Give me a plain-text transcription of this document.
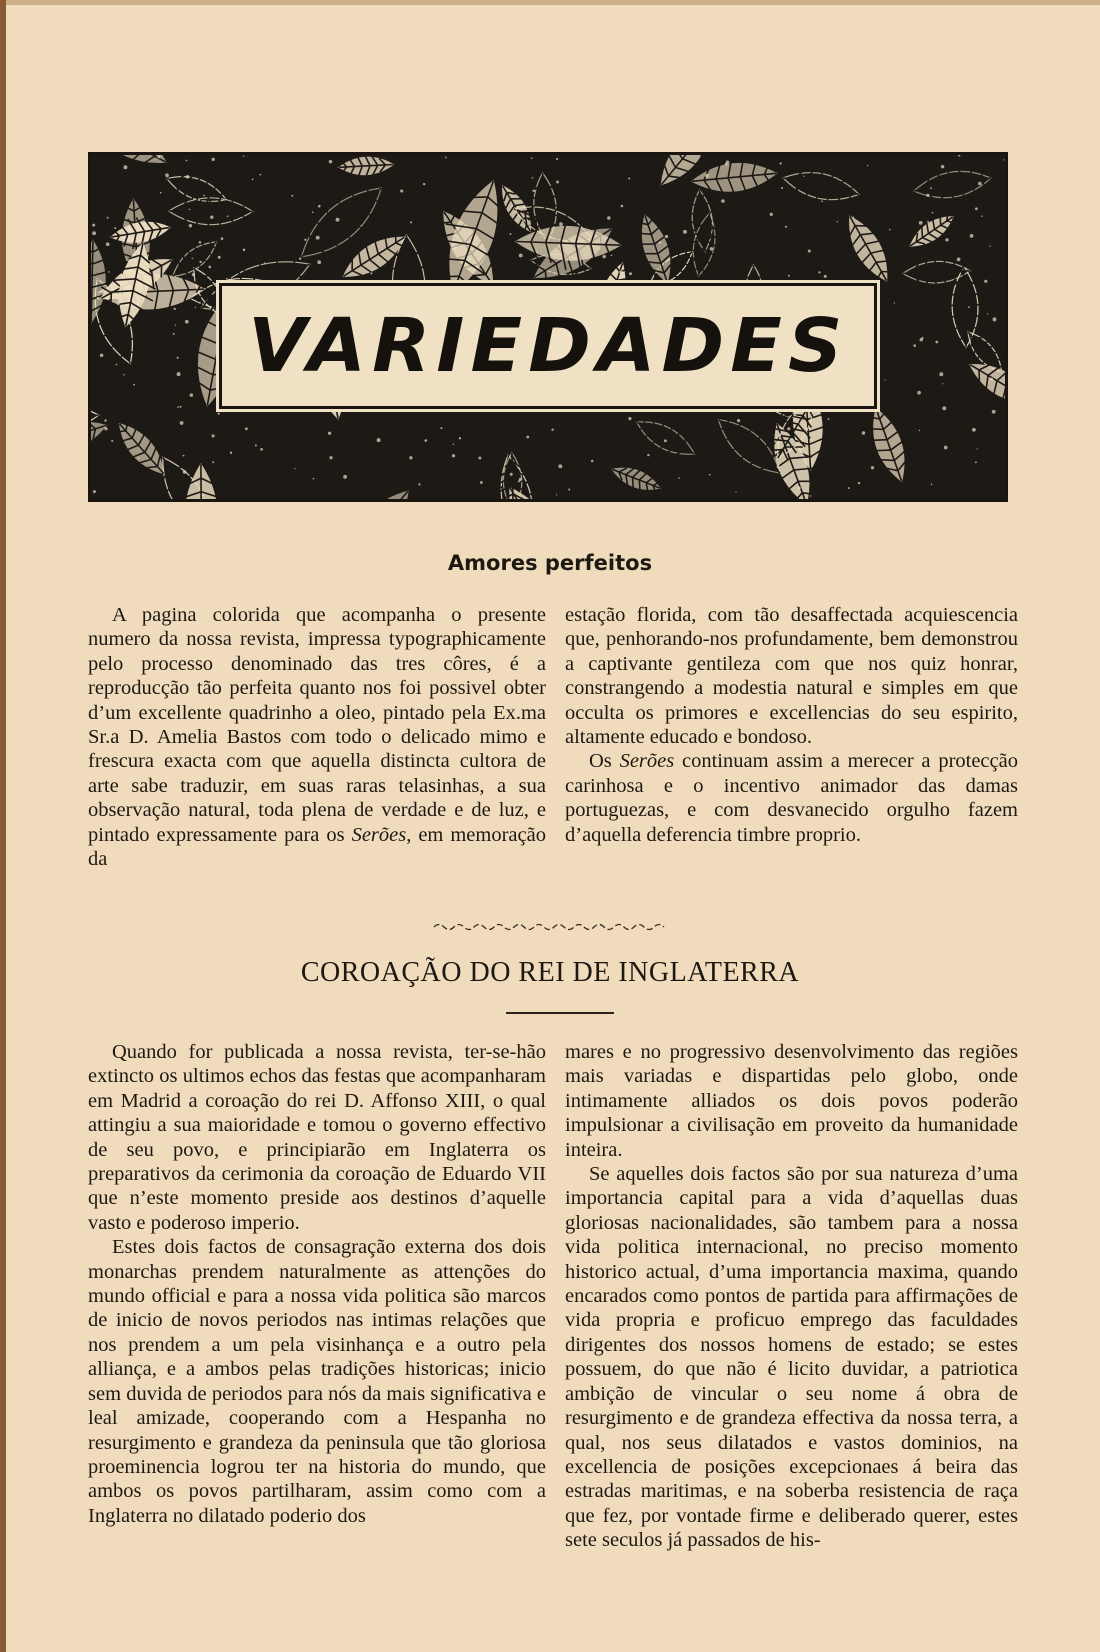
VARIEDADES
Amores perfeitos

A pagina colorida que acompanha o presente numero da nossa revista, impressa typographicamente pelo processo denominado das tres côres, é a reproducção tão perfeita quanto nos foi possivel obter d’um excellente quadrinho a oleo, pintado pela Ex.ma Sr.a D. Amelia Bastos com todo o delicado mimo e frescura exacta com que aquella distincta cultora de arte sabe traduzir, em suas raras telasinhas, a sua observação natural, toda plena de verdade e de luz, e pintado expressamente para os Serões, em memoração da

estação florida, com tão desaffectada acquiescencia que, penhorando-nos profundamente, bem demonstrou a captivante gentileza com que nos quiz honrar, constrangendo a modestia natural e simples em que occulta os primores e excellencias do seu espirito, altamente educado e bondoso.

Os Serões continuam assim a merecer a protecção carinhosa e o incentivo animador das damas portuguezas, e com desvanecido orgulho fazem d’aquella deferencia timbre proprio.

COROAÇÃO DO REI DE INGLATERRA

Quando for publicada a nossa revista, ter-se-hão extincto os ultimos echos das festas que acompanharam em Madrid a coroação do rei D. Affonso XIII, o qual attingiu a sua maioridade e tomou o governo effectivo de seu povo, e principiarão em Inglaterra os preparativos da cerimonia da coroação de Eduardo VII que n’este momento preside aos destinos d’aquelle vasto e poderoso imperio.

Estes dois factos de consagração externa dos dois monarchas prendem naturalmente as attenções do mundo official e para a nossa vida politica são marcos de inicio de novos periodos nas intimas relações que nos prendem a um pela visinhança e a outro pela alliança, e a ambos pelas tradições historicas; inicio sem duvida de periodos para nós da mais significativa e leal amizade, cooperando com a Hespanha no resurgimento e grandeza da peninsula que tão gloriosa proeminencia logrou ter na historia do mundo, que ambos os povos partilharam, assim como com a Inglaterra no dilatado poderio dos

mares e no progressivo desenvolvimento das regiões mais variadas e dispartidas pelo globo, onde intimamente alliados os dois povos poderão impulsionar a civilisação em proveito da humanidade inteira.

Se aquelles dois factos são por sua natureza d’uma importancia capital para a vida d’aquellas duas gloriosas nacionalidades, são tambem para a nossa vida politica internacional, no preciso momento historico actual, d’uma importancia maxima, quando encarados como pontos de partida para affirmações de vida propria e proficuo emprego das faculdades dirigentes dos nossos homens de estado; se estes possuem, do que não é licito duvidar, a patriotica ambição de vincular o seu nome á obra de resurgimento e de grandeza effectiva da nossa terra, a qual, nos seus dilatados e vastos dominios, na excellencia de posições excepcionaes á beira das estradas maritimas, e na soberba resistencia de raça que fez, por vontade firme e deliberado querer, estes sete seculos já passados de his-
